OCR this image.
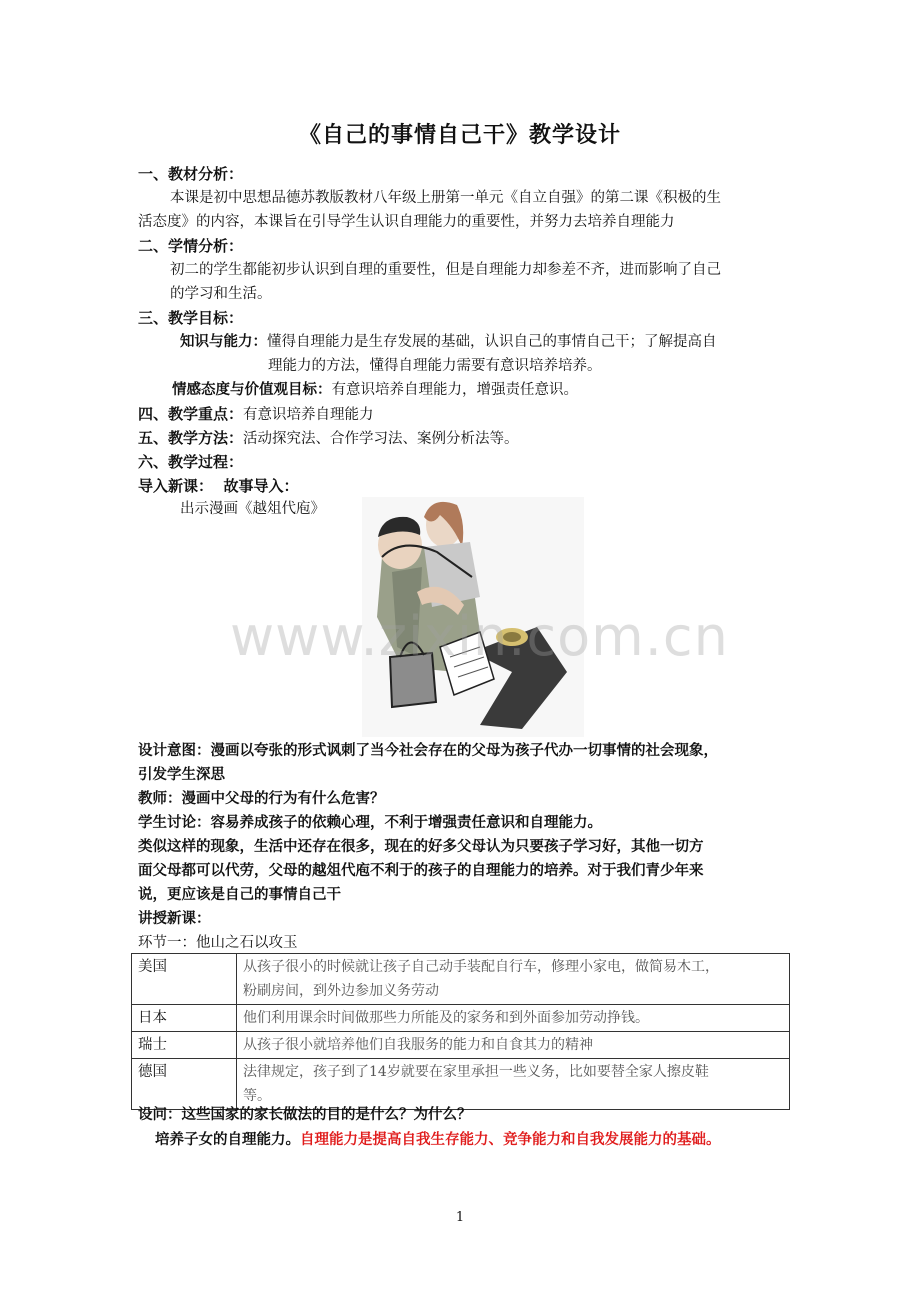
《自己的事情自己干》教学设计
一、教材分析：
本课是初中思想品德苏教版教材八年级上册第一单元《自立自强》的第二课《积极的生
活态度》的内容，本课旨在引导学生认识自理能力的重要性，并努力去培养自理能力
二、学情分析：
初二的学生都能初步认识到自理的重要性，但是自理能力却参差不齐，进而影响了自己
的学习和生活。
三、教学目标：
知识与能力：懂得自理能力是生存发展的基础，认识自己的事情自己干；了解提高自
理能力的方法，懂得自理能力需要有意识培养培养。
情感态度与价值观目标：有意识培养自理能力，增强责任意识。
四、教学重点：有意识培养自理能力
五、教学方法：活动探究法、合作学习法、案例分析法等。
六、教学过程：
导入新课：  故事导入：
出示漫画《越俎代庖》
www.zixin.com.cn
设计意图：漫画以夸张的形式讽刺了当今社会存在的父母为孩子代办一切事情的社会现象，
引发学生深思
教师：漫画中父母的行为有什么危害？
学生讨论：容易养成孩子的依赖心理，不利于增强责任意识和自理能力。
类似这样的现象，生活中还存在很多，现在的好多父母认为只要孩子学习好，其他一切方
面父母都可以代劳，父母的越俎代庖不利于的孩子的自理能力的培养。对于我们青少年来
说，更应该是自己的事情自己干
讲授新课：
环节一：他山之石以攻玉
美国	从孩子很小的时候就让孩子自己动手装配自行车，修理小家电，做简易木工，
粉刷房间，到外边参加义务劳动
日本	他们利用课余时间做那些力所能及的家务和到外面参加劳动挣钱。
瑞士	从孩子很小就培养他们自我服务的能力和自食其力的精神
德国	法律规定，孩子到了14岁就要在家里承担一些义务，比如要替全家人擦皮鞋
等。
设问：这些国家的家长做法的目的是什么？为什么？
培养子女的自理能力。自理能力是提高自我生存能力、竞争能力和自我发展能力的基础。
1
